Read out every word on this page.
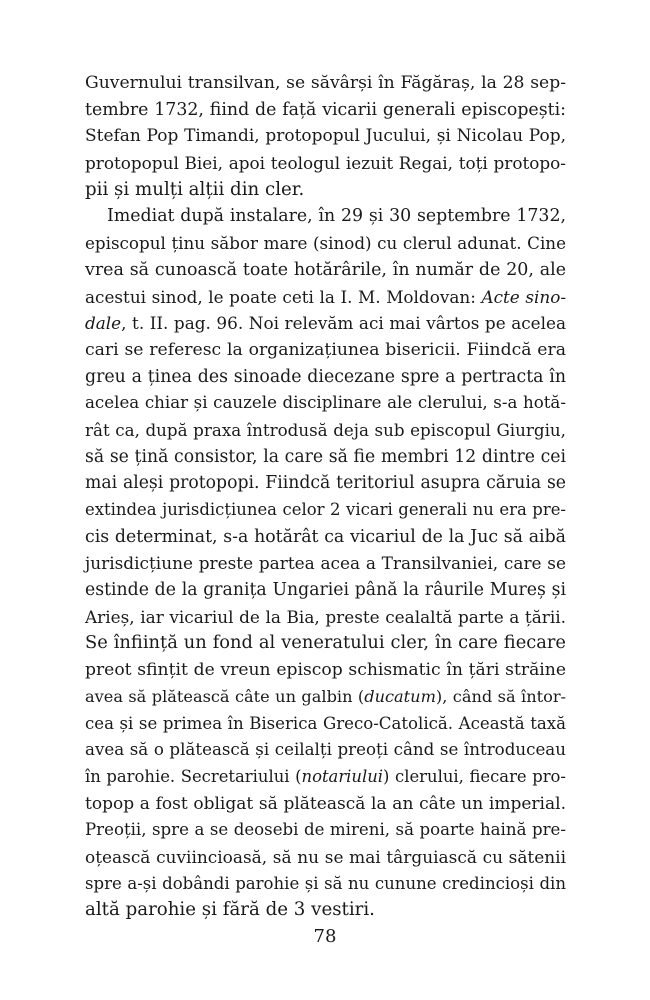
Guvernului transilvan, se săvârși în Făgăraș, la 28 sep-
tembre 1732, fiind de față vicarii generali episcopești:
Stefan Pop Timandi, protopopul Jucului, și Nicolau Pop,
protopopul Biei, apoi teologul iezuit Regai, toți protopo-
pii și mulți alții din cler.
Imediat după instalare, în 29 și 30 septembre 1732,
episcopul ținu săbor mare (sinod) cu clerul adunat. Cine
vrea să cunoască toate hotărârile, în număr de 20, ale
acestui sinod, le poate ceti la I. M. Moldovan: Acte sino-
dale, t. II. pag. 96. Noi relevăm aci mai vârtos pe acelea
cari se referesc la organizațiunea bisericii. Fiindcă era
greu a ținea des sinoade diecezane spre a pertracta în
acelea chiar și cauzele disciplinare ale clerului, s-a hotă-
rât ca, după praxa întrodusă deja sub episcopul Giurgiu,
să se țină consistor, la care să fie membri 12 dintre cei
mai aleși protopopi. Fiindcă teritoriul asupra căruia se
extindea jurisdicțiunea celor 2 vicari generali nu era pre-
cis determinat, s-a hotărât ca vicariul de la Juc să aibă
jurisdicțiune preste partea acea a Transilvaniei, care se
estinde de la granița Ungariei până la râurile Mureș și
Arieș, iar vicariul de la Bia, preste cealaltă parte a țării.
Se înființă un fond al veneratului cler, în care fiecare
preot sfințit de vreun episcop schismatic în țări străine
avea să plătească câte un galbin (ducatum), când să întor-
cea și se primea în Biserica Greco-Catolică. Această taxă
avea să o plătească și ceilalți preoți când se întroduceau
în parohie. Secretariului (notariului) clerului, fiecare pro-
topop a fost obligat să plătească la an câte un imperial.
Preoții, spre a se deosebi de mireni, să poarte haină pre-
oțească cuviincioasă, să nu se mai târguiască cu sătenii
spre a-și dobândi parohie și să nu cunune credincioși din
altă parohie și fără de 3 vestiri.
78
